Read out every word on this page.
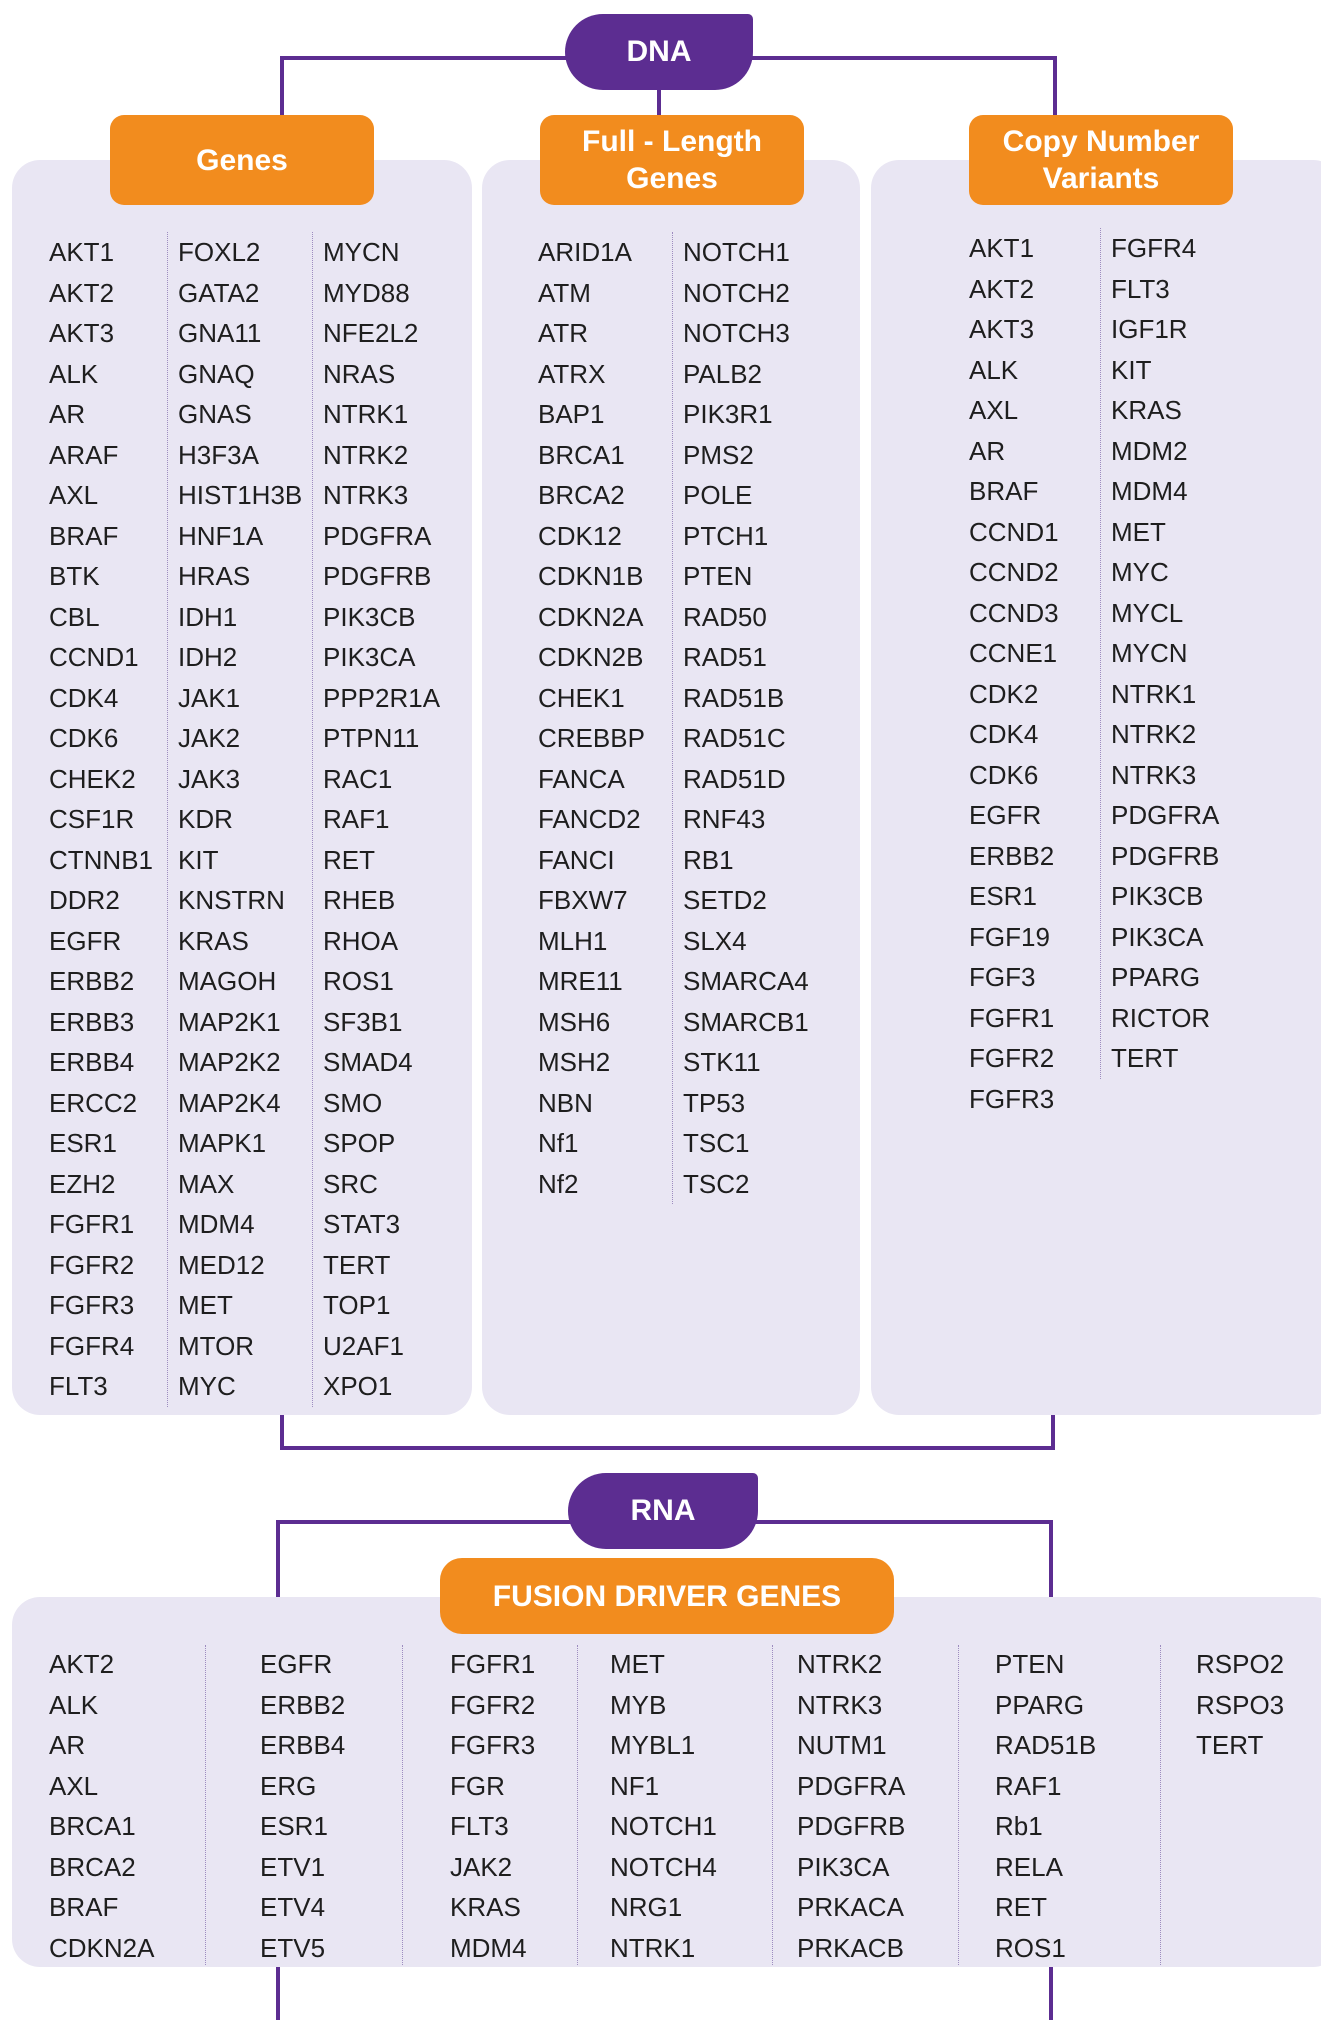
DNA
Genes
Full - Length
Genes
Copy Number
Variants
AKT1
AKT2
AKT3
ALK
AR
ARAF
AXL
BRAF
BTK
CBL
CCND1
CDK4
CDK6
CHEK2
CSF1R
CTNNB1
DDR2
EGFR
ERBB2
ERBB3
ERBB4
ERCC2
ESR1
EZH2
FGFR1
FGFR2
FGFR3
FGFR4
FLT3
FOXL2
GATA2
GNA11
GNAQ
GNAS
H3F3A
HIST1H3B
HNF1A
HRAS
IDH1
IDH2
JAK1
JAK2
JAK3
KDR
KIT
KNSTRN
KRAS
MAGOH
MAP2K1
MAP2K2
MAP2K4
MAPK1
MAX
MDM4
MED12
MET
MTOR
MYC
MYCN
MYD88
NFE2L2
NRAS
NTRK1
NTRK2
NTRK3
PDGFRA
PDGFRB
PIK3CB
PIK3CA
PPP2R1A
PTPN11
RAC1
RAF1
RET
RHEB
RHOA
ROS1
SF3B1
SMAD4
SMO
SPOP
SRC
STAT3
TERT
TOP1
U2AF1
XPO1
ARID1A
ATM
ATR
ATRX
BAP1
BRCA1
BRCA2
CDK12
CDKN1B
CDKN2A
CDKN2B
CHEK1
CREBBP
FANCA
FANCD2
FANCI
FBXW7
MLH1
MRE11
MSH6
MSH2
NBN
Nf1
Nf2
NOTCH1
NOTCH2
NOTCH3
PALB2
PIK3R1
PMS2
POLE
PTCH1
PTEN
RAD50
RAD51
RAD51B
RAD51C
RAD51D
RNF43
RB1
SETD2
SLX4
SMARCA4
SMARCB1
STK11
TP53
TSC1
TSC2
AKT1
AKT2
AKT3
ALK
AXL
AR
BRAF
CCND1
CCND2
CCND3
CCNE1
CDK2
CDK4
CDK6
EGFR
ERBB2
ESR1
FGF19
FGF3
FGFR1
FGFR2
FGFR3
FGFR4
FLT3
IGF1R
KIT
KRAS
MDM2
MDM4
MET
MYC
MYCL
MYCN
NTRK1
NTRK2
NTRK3
PDGFRA
PDGFRB
PIK3CB
PIK3CA
PPARG
RICTOR
TERT
RNA
FUSION DRIVER GENES
AKT2
ALK
AR
AXL
BRCA1
BRCA2
BRAF
CDKN2A
EGFR
ERBB2
ERBB4
ERG
ESR1
ETV1
ETV4
ETV5
FGFR1
FGFR2
FGFR3
FGR
FLT3
JAK2
KRAS
MDM4
MET
MYB
MYBL1
NF1
NOTCH1
NOTCH4
NRG1
NTRK1
NTRK2
NTRK3
NUTM1
PDGFRA
PDGFRB
PIK3CA
PRKACA
PRKACB
PTEN
PPARG
RAD51B
RAF1
Rb1
RELA
RET
ROS1
RSPO2
RSPO3
TERT
